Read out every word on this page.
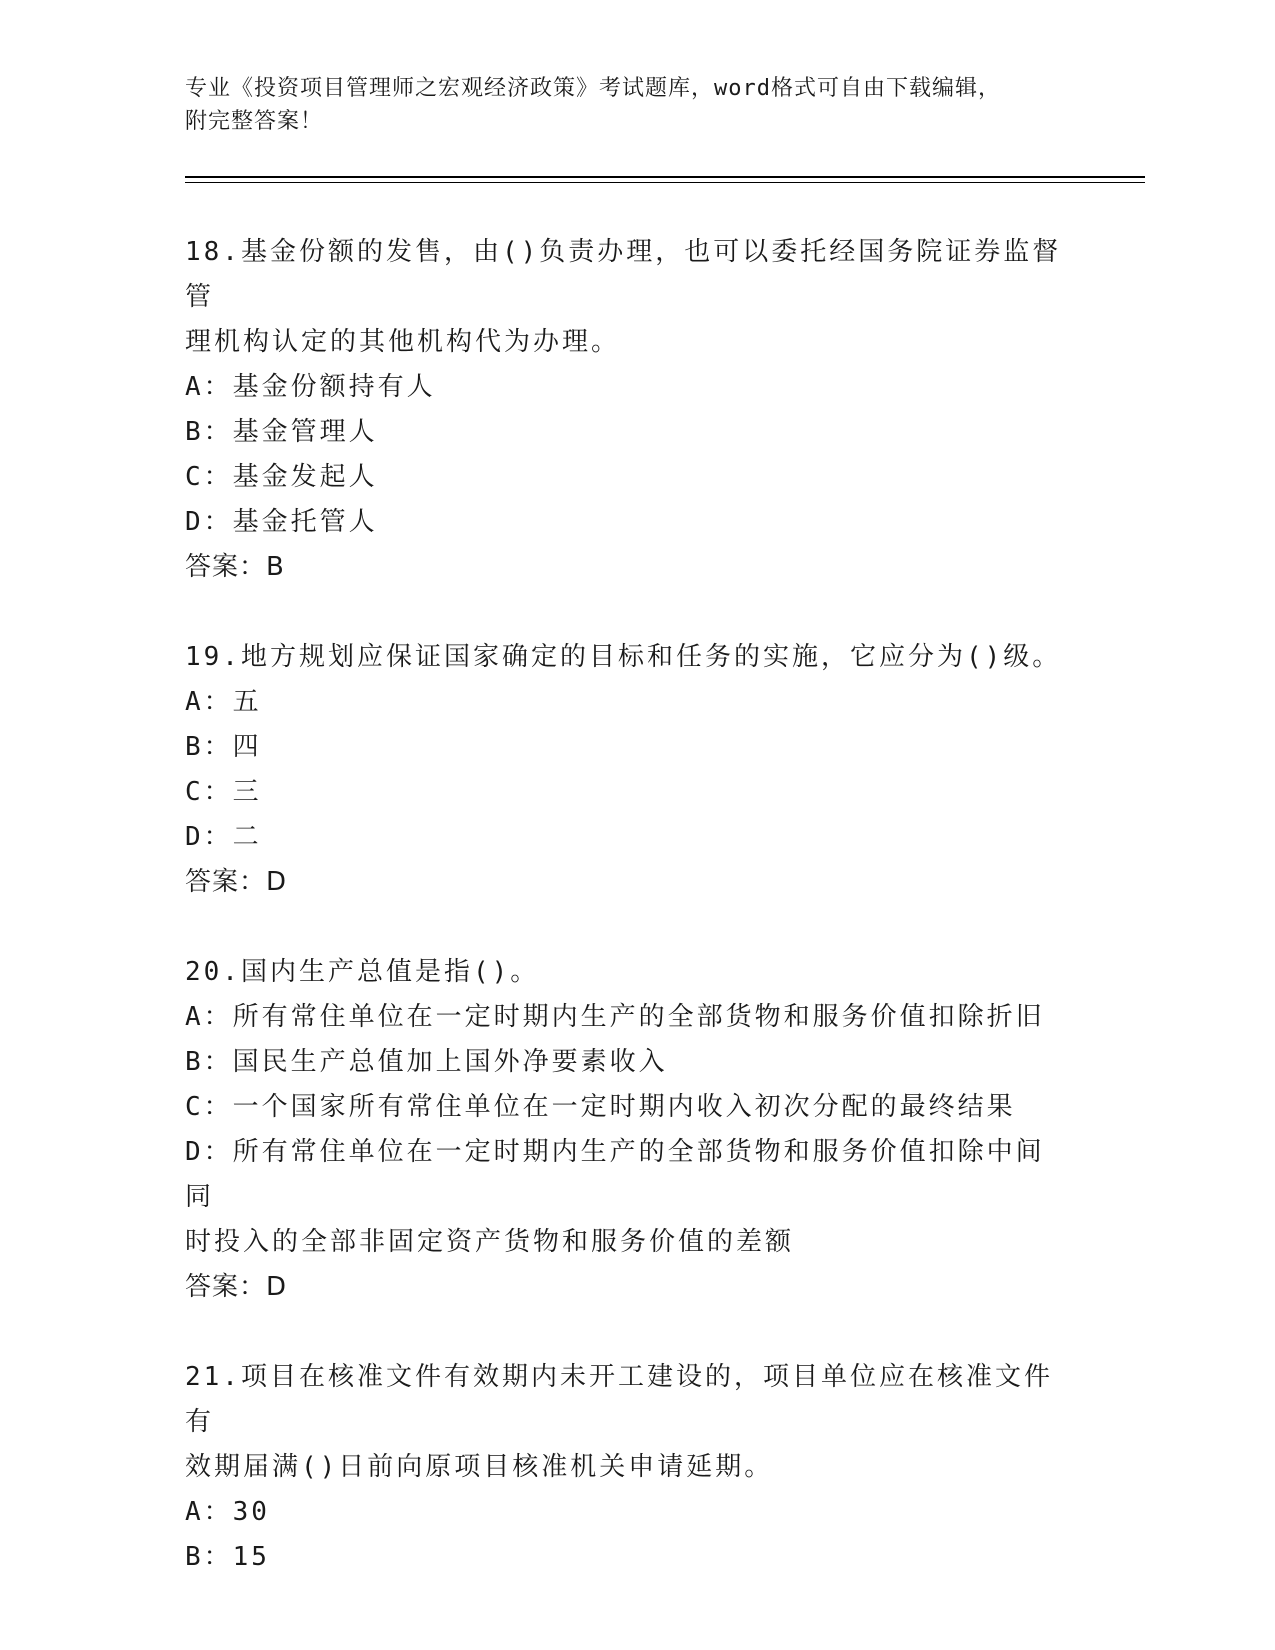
专业《投资项目管理师之宏观经济政策》考试题库，word格式可自由下载编辑，
附完整答案！
18.基金份额的发售，由()负责办理，也可以委托经国务院证券监督管
理机构认定的其他机构代为办理。
A：基金份额持有人
B：基金管理人
C：基金发起人
D：基金托管人
答案：B
19.地方规划应保证国家确定的目标和任务的实施，它应分为()级。
A：五
B：四
C：三
D：二
答案：D
20.国内生产总值是指()。
A：所有常住单位在一定时期内生产的全部货物和服务价值扣除折旧
B：国民生产总值加上国外净要素收入
C：一个国家所有常住单位在一定时期内收入初次分配的最终结果
D：所有常住单位在一定时期内生产的全部货物和服务价值扣除中间同
时投入的全部非固定资产货物和服务价值的差额
答案：D
21.项目在核准文件有效期内未开工建设的，项目单位应在核准文件有
效期届满()日前向原项目核准机关申请延期。
A：30
B：15
